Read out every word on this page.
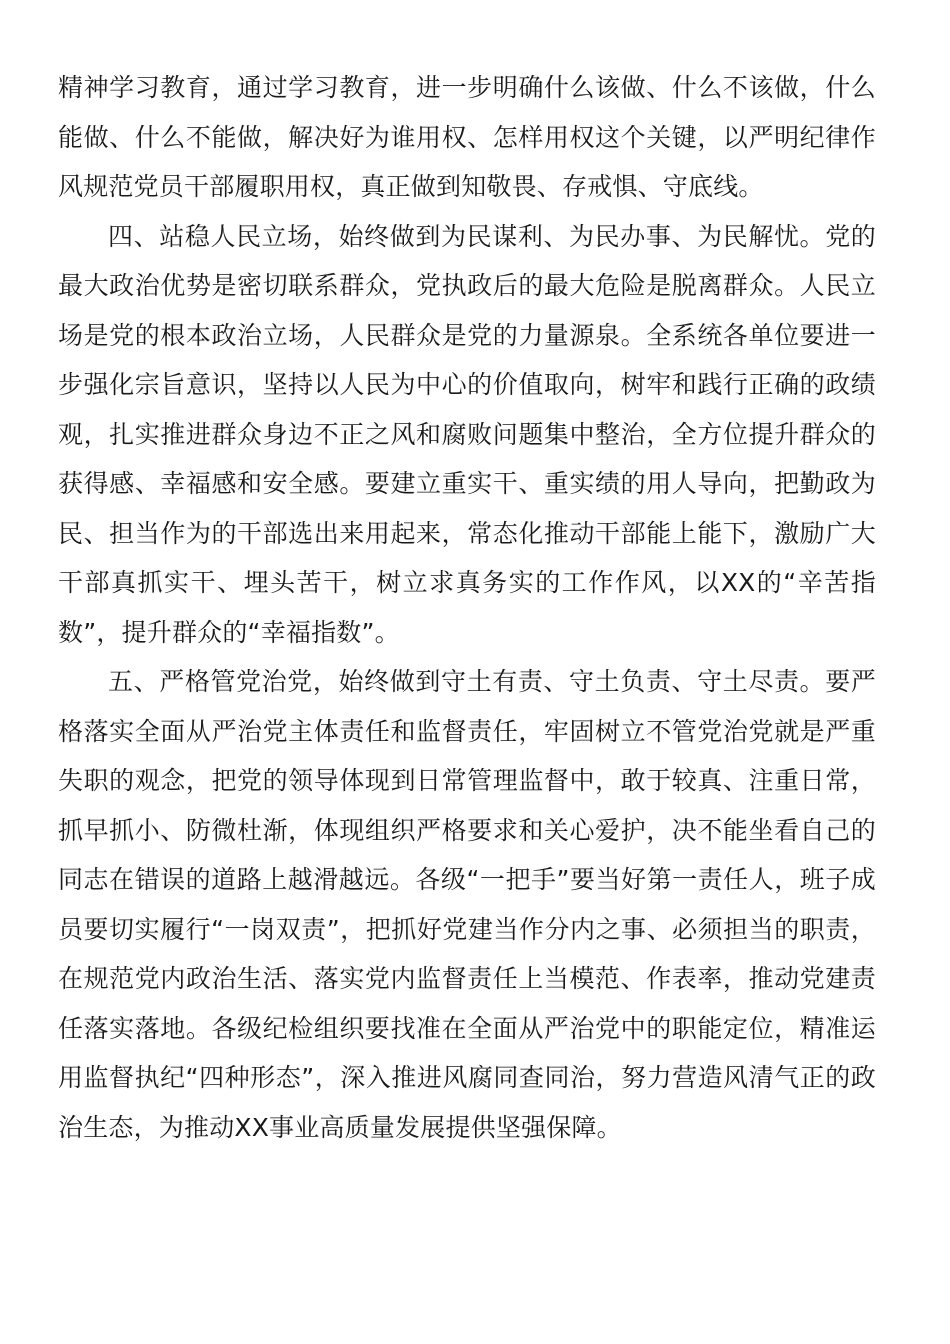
精神学习教育，通过学习教育，进一步明确什么该做、什么不该做，什么能做、什么不能做，解决好为谁用权、怎样用权这个关键，以严明纪律作风规范党员干部履职用权，真正做到知敬畏、存戒惧、守底线。

四、站稳人民立场，始终做到为民谋利、为民办事、为民解忧。党的最大政治优势是密切联系群众，党执政后的最大危险是脱离群众。人民立场是党的根本政治立场，人民群众是党的力量源泉。全系统各单位要进一步强化宗旨意识，坚持以人民为中心的价值取向，树牢和践行正确的政绩观，扎实推进群众身边不正之风和腐败问题集中整治，全方位提升群众的获得感、幸福感和安全感。要建立重实干、重实绩的用人导向，把勤政为民、担当作为的干部选出来用起来，常态化推动干部能上能下，激励广大干部真抓实干、埋头苦干，树立求真务实的工作作风，以XX的“辛苦指数”，提升群众的“幸福指数”。

五、严格管党治党，始终做到守土有责、守土负责、守土尽责。要严格落实全面从严治党主体责任和监督责任，牢固树立不管党治党就是严重失职的观念，把党的领导体现到日常管理监督中，敢于较真、注重日常，抓早抓小、防微杜渐，体现组织严格要求和关心爱护，决不能坐看自己的同志在错误的道路上越滑越远。各级“一把手”要当好第一责任人，班子成员要切实履行“一岗双责”，把抓好党建当作分内之事、必须担当的职责，在规范党内政治生活、落实党内监督责任上当模范、作表率，推动党建责任落实落地。各级纪检组织要找准在全面从严治党中的职能定位，精准运用监督执纪“四种形态”，深入推进风腐同查同治，努力营造风清气正的政治生态，为推动XX事业高质量发展提供坚强保障。
